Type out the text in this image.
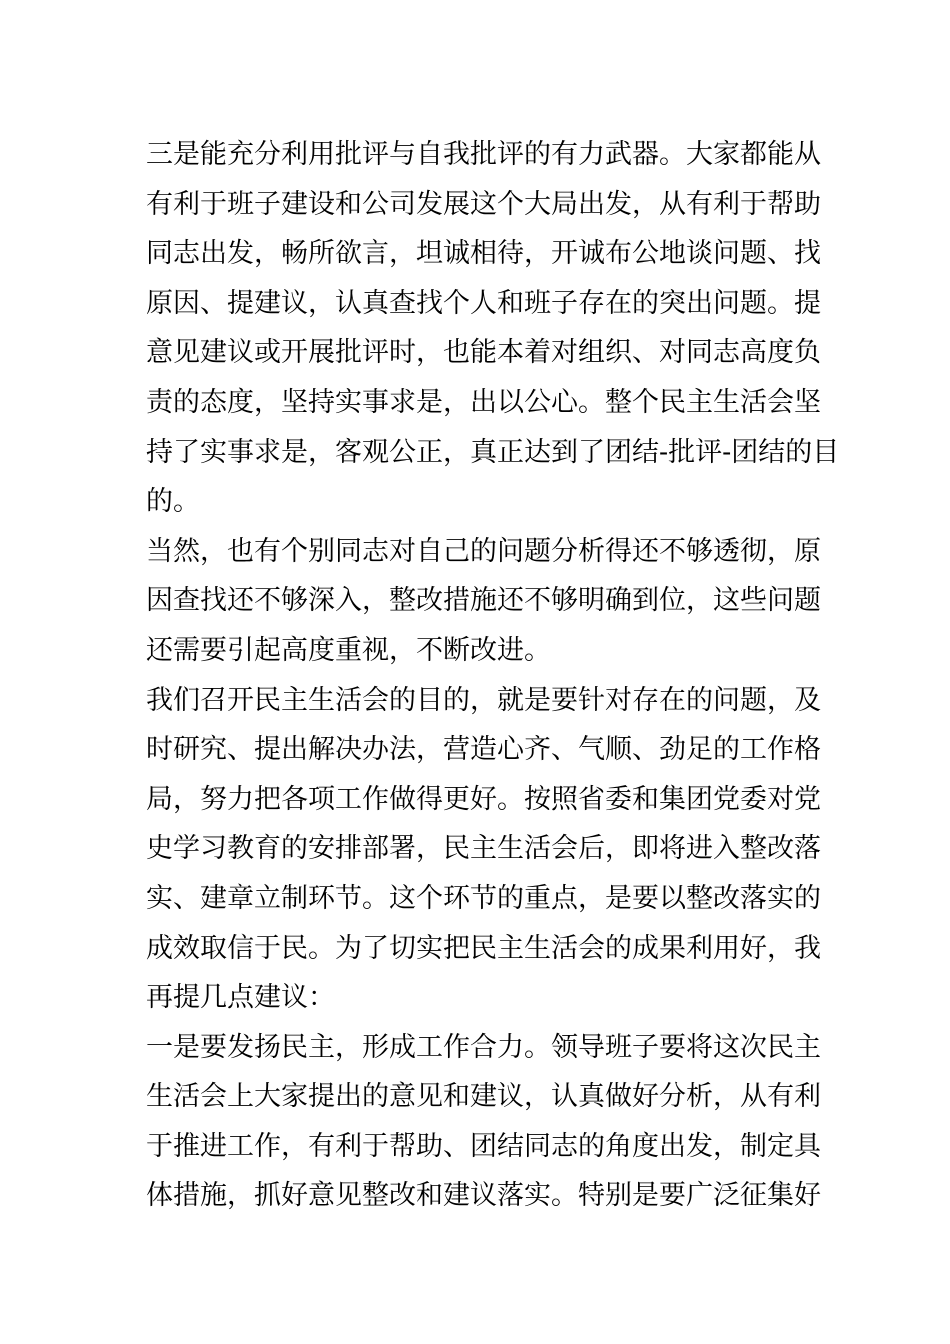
三是能充分利用批评与自我批评的有力武器。大家都能从
有利于班子建设和公司发展这个大局出发，从有利于帮助
同志出发，畅所欲言，坦诚相待，开诚布公地谈问题、找
原因、提建议，认真查找个人和班子存在的突出问题。提
意见建议或开展批评时，也能本着对组织、对同志高度负
责的态度，坚持实事求是，出以公心。整个民主生活会坚
持了实事求是，客观公正，真正达到了团结-批评-团结的目
的。
当然，也有个别同志对自己的问题分析得还不够透彻，原
因查找还不够深入，整改措施还不够明确到位，这些问题
还需要引起高度重视，不断改进。
我们召开民主生活会的目的，就是要针对存在的问题，及
时研究、提出解决办法，营造心齐、气顺、劲足的工作格
局，努力把各项工作做得更好。按照省委和集团党委对党
史学习教育的安排部署，民主生活会后，即将进入整改落
实、建章立制环节。这个环节的重点，是要以整改落实的
成效取信于民。为了切实把民主生活会的成果利用好，我
再提几点建议：
一是要发扬民主，形成工作合力。领导班子要将这次民主
生活会上大家提出的意见和建议，认真做好分析，从有利
于推进工作，有利于帮助、团结同志的角度出发，制定具
体措施，抓好意见整改和建议落实。特别是要广泛征集好
